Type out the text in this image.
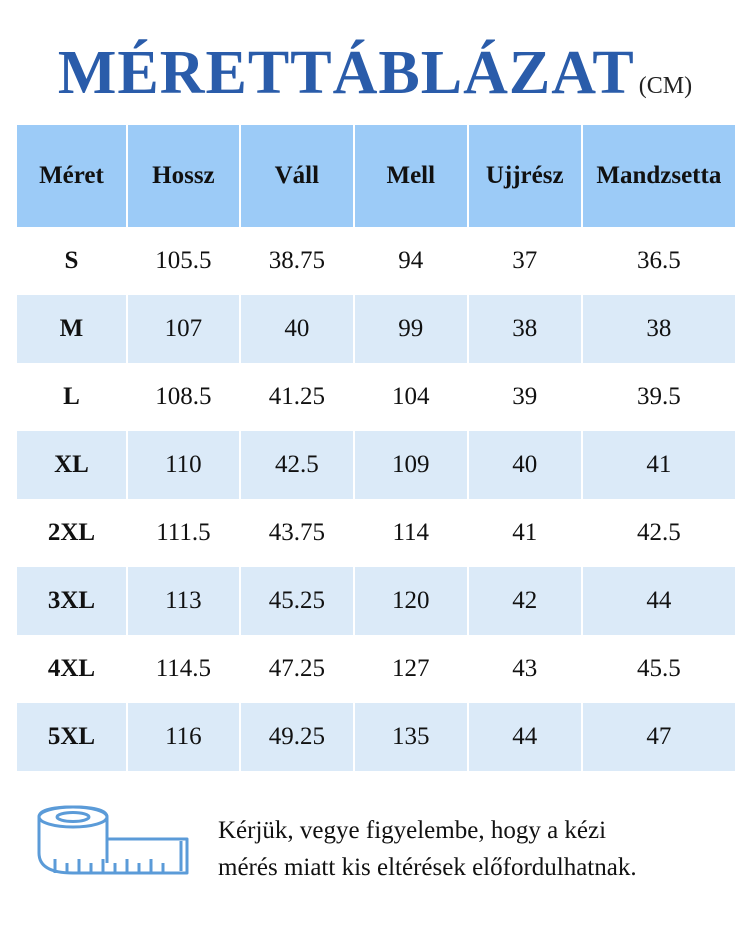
MÉRETTÁBLÁZAT (CM)
Méret	Hossz	Váll	Mell	Ujjrész	Mandzsetta
S	105.5	38.75	94	37	36.5
M	107	40	99	38	38
L	108.5	41.25	104	39	39.5
XL	110	42.5	109	40	41
2XL	111.5	43.75	114	41	42.5
3XL	113	45.25	120	42	44
4XL	114.5	47.25	127	43	45.5
5XL	116	49.25	135	44	47
Kérjük, vegye figyelembe, hogy a kézi
mérés miatt kis eltérések előfordulhatnak.
